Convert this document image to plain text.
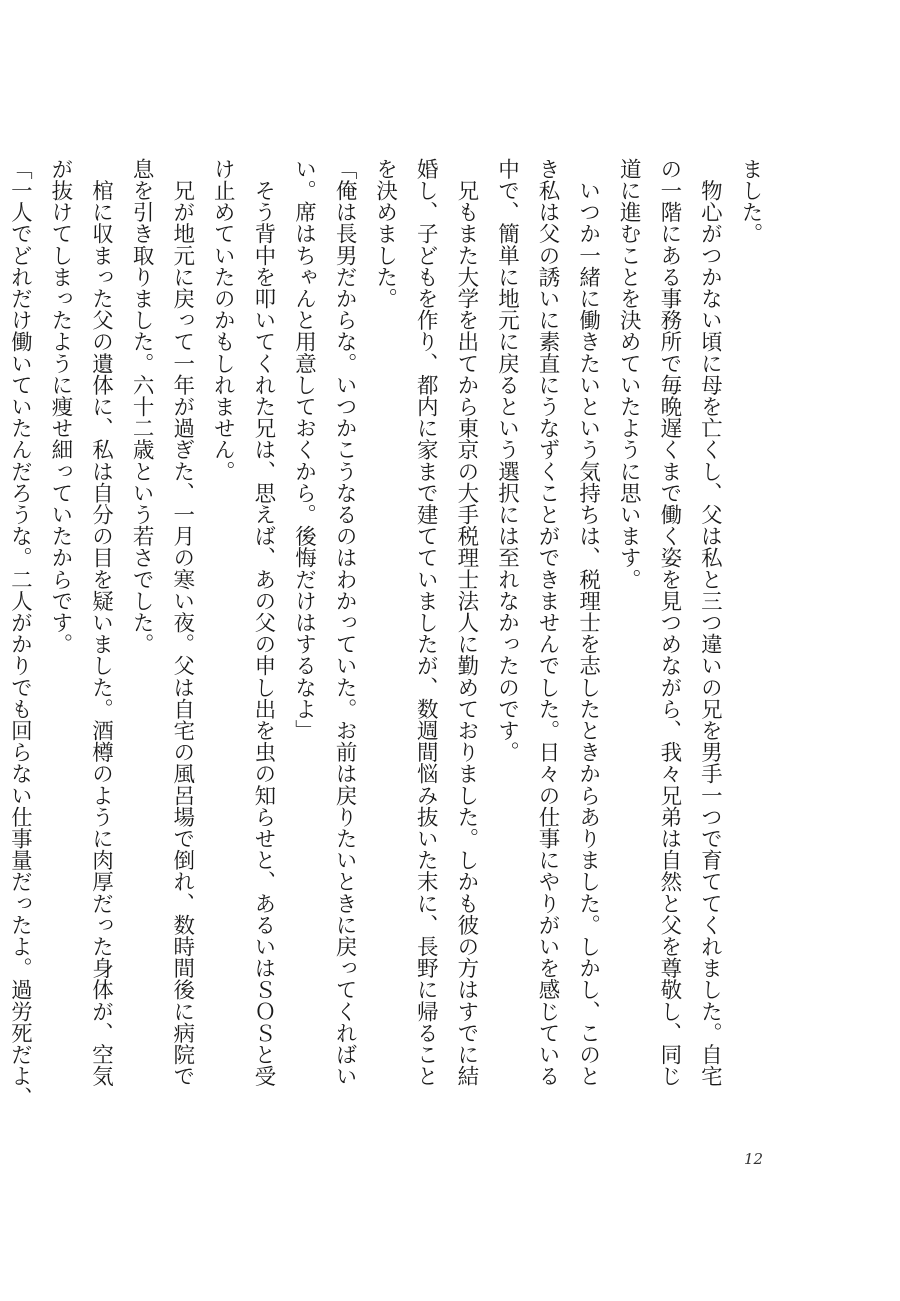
ました。
　物心がつかない頃に母を亡くし、父は私と三つ違いの兄を男手一つで育ててくれました。自宅
の一階にある事務所で毎晩遅くまで働く姿を見つめながら、我々兄弟は自然と父を尊敬し、同じ
道に進むことを決めていたように思います。
　いつか一緒に働きたいという気持ちは、税理士を志したときからありました。しかし、このと
き私は父の誘いに素直にうなずくことができませんでした。日々の仕事にやりがいを感じている
中で、簡単に地元に戻るという選択には至れなかったのです。
　兄もまた大学を出てから東京の大手税理士法人に勤めておりました。しかも彼の方はすでに結
婚し、子どもを作り、都内に家まで建てていましたが、数週間悩み抜いた末に、長野に帰ること
を決めました。
「俺は長男だからな。いつかこうなるのはわかっていた。お前は戻りたいときに戻ってくればい
い。席はちゃんと用意しておくから。後悔だけはするなよ」
　そう背中を叩いてくれた兄は、思えば、あの父の申し出を虫の知らせと、あるいはＳＯＳと受
け止めていたのかもしれません。
　兄が地元に戻って一年が過ぎた、一月の寒い夜。父は自宅の風呂場で倒れ、数時間後に病院で
息を引き取りました。六十二歳という若さでした。
　棺に収まった父の遺体に、私は自分の目を疑いました。酒樽のように肉厚だった身体が、空気
が抜けてしまったように痩せ細っていたからです。
「一人でどれだけ働いていたんだろうな。二人がかりでも回らない仕事量だったよ。過労死だよ、
12
